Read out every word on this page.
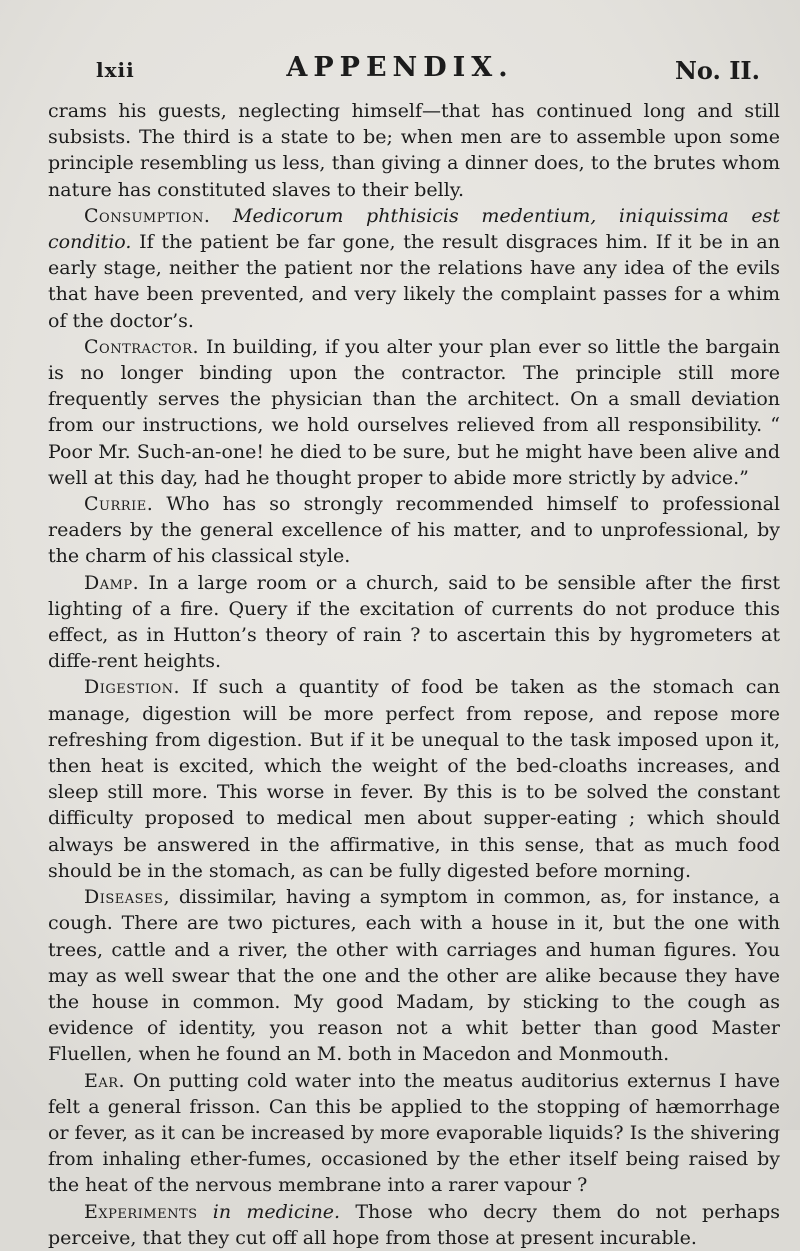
lxii	APPENDIX.	No. II.

crams his guests, neglecting himself—that has continued long and still subsists. The third is a state to be; when men are to assemble upon some principle resembling us less, than giving a dinner does, to the brutes whom nature has constituted slaves to their belly.

Consumption. Medicorum phthisicis medentium, iniquissima est conditio. If the patient be far gone, the result disgraces him. If it be in an early stage, neither the patient nor the relations have any idea of the evils that have been prevented, and very likely the complaint passes for a whim of the doctor’s.

Contractor. In building, if you alter your plan ever so little the bargain is no longer binding upon the contractor. The principle still more frequently serves the physician than the architect. On a small deviation from our instructions, we hold ourselves relieved from all responsibility. “ Poor Mr. Such-an-one! he died to be sure, but he might have been alive and well at this day, had he thought proper to abide more strictly by advice.”

Currie. Who has so strongly recommended himself to professional readers by the general excellence of his matter, and to unprofessional, by the charm of his classical style.

Damp. In a large room or a church, said to be sensible after the first lighting of a fire. Query if the excitation of currents do not produce this effect, as in Hutton’s theory of rain ? to ascertain this by hygrometers at diffe-rent heights.

Digestion. If such a quantity of food be taken as the stomach can manage, digestion will be more perfect from repose, and repose more refreshing from digestion. But if it be unequal to the task imposed upon it, then heat is excited, which the weight of the bed-cloaths increases, and sleep still more. This worse in fever. By this is to be solved the constant difficulty proposed to medical men about supper-eating ; which should always be answered in the affirmative, in this sense, that as much food should be in the stomach, as can be fully digested before morning.

Diseases, dissimilar, having a symptom in common, as, for instance, a cough. There are two pictures, each with a house in it, but the one with trees, cattle and a river, the other with carriages and human figures. You may as well swear that the one and the other are alike because they have the house in common. My good Madam, by sticking to the cough as evidence of identity, you reason not a whit better than good Master Fluellen, when he found an M. both in Macedon and Monmouth.

Ear. On putting cold water into the meatus auditorius externus I have felt a general frisson. Can this be applied to the stopping of hæmorrhage or fever, as it can be increased by more evaporable liquids? Is the shivering from inhaling ether-fumes, occasioned by the ether itself being raised by the heat of the nervous membrane into a rarer vapour ?

Experiments in medicine. Those who decry them do not perhaps perceive, that they cut off all hope from those at present incurable.
